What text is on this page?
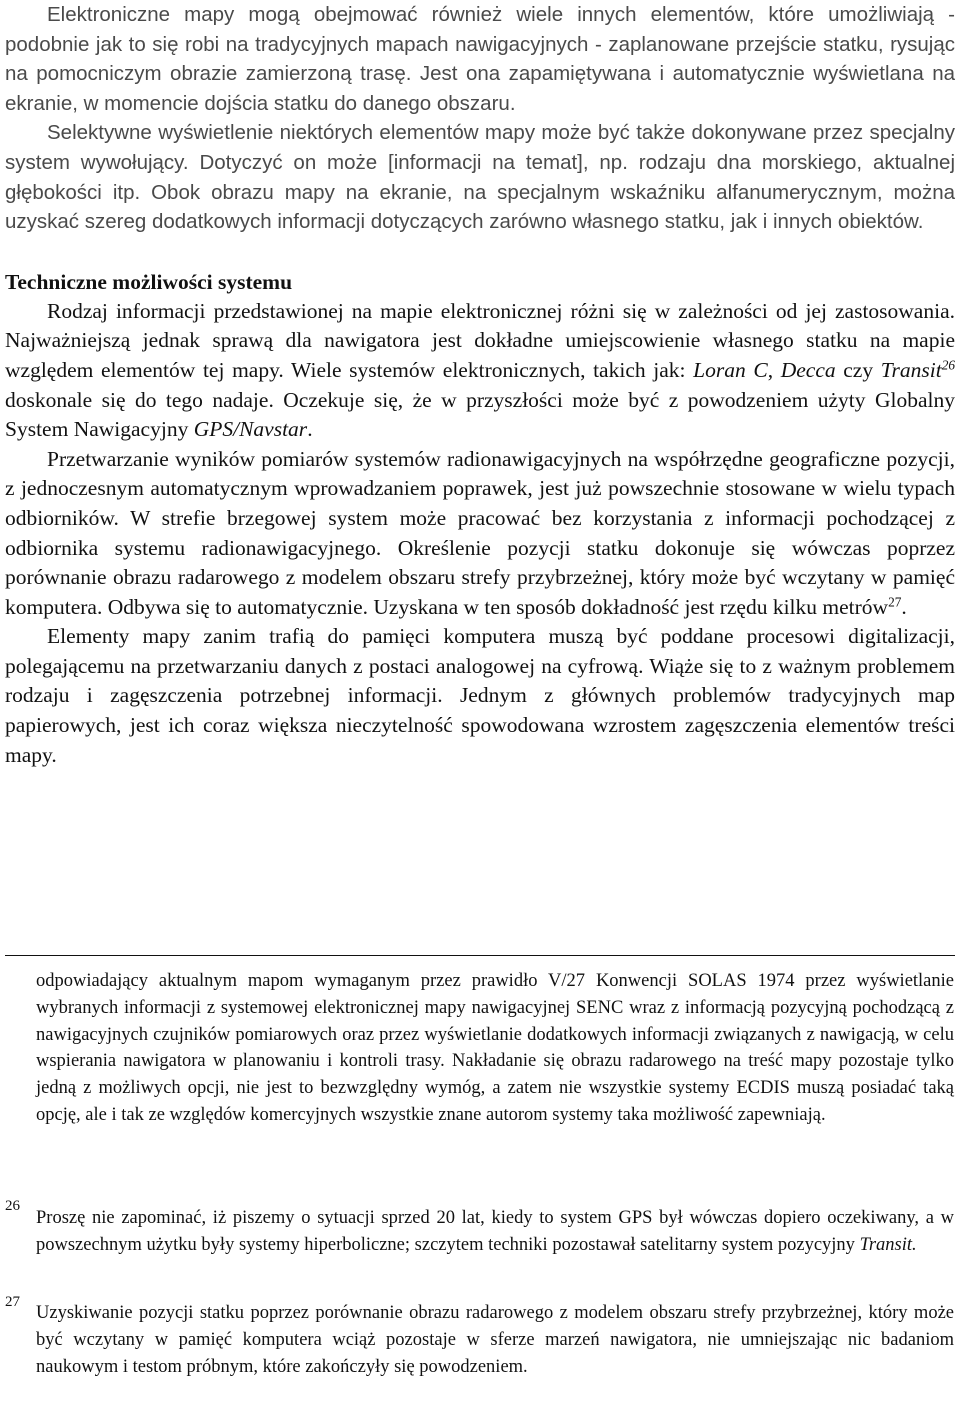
Elektroniczne mapy mogą obejmować również wiele innych elementów, które umożliwiają - podobnie jak to się robi na tradycyjnych mapach nawigacyjnych - zaplanowane przejście statku, rysując na pomocniczym obrazie zamierzoną trasę. Jest ona zapamiętywana i automatycznie wyświetlana na ekranie, w momencie dojścia statku do danego obszaru.

Selektywne wyświetlenie niektórych elementów mapy może być także dokonywane przez specjalny system wywołujący. Dotyczyć on może [informacji na temat], np. rodzaju dna morskiego, aktualnej głębokości itp. Obok obrazu mapy na ekranie, na specjalnym wskaźniku alfanumerycznym, można uzyskać szereg dodatkowych informacji dotyczących zarówno własnego statku, jak i innych obiektów.

Techniczne możliwości systemu

Rodzaj informacji przedstawionej na mapie elektronicznej różni się w zależności od jej zastosowania. Najważniejszą jednak sprawą dla nawigatora jest dokładne umiejscowienie własnego statku na mapie względem elementów tej mapy. Wiele systemów elektronicznych, takich jak: Loran C, Decca czy Transit$^{26}$ doskonale się do tego nadaje. Oczekuje się, że w przyszłości może być z powodzeniem użyty Globalny System Nawigacyjny GPS/Navstar.

Przetwarzanie wyników pomiarów systemów radionawigacyjnych na współrzędne geograficzne pozycji, z jednoczesnym automatycznym wprowadzaniem poprawek, jest już powszechnie stosowane w wielu typach odbiorników. W strefie brzegowej system może pracować bez korzystania z informacji pochodzącej z odbiornika systemu radionawigacyjnego. Określenie pozycji statku dokonuje się wówczas poprzez porównanie obrazu radarowego z modelem obszaru strefy przybrzeżnej, który może być wczytany w pamięć komputera. Odbywa się to automatycznie. Uzyskana w ten sposób dokładność jest rzędu kilku metrów$^{27}$.

Elementy mapy zanim trafią do pamięci komputera muszą być poddane procesowi digitalizacji, polegającemu na przetwarzaniu danych z postaci analogowej na cyfrową. Wiąże się to z ważnym problemem rodzaju i zagęszczenia potrzebnej informacji. Jednym z głównych problemów tradycyjnych map papierowych, jest ich coraz większa nieczytelność spowodowana wzrostem zagęszczenia elementów treści mapy.

odpowiadający aktualnym mapom wymaganym przez prawidło V/27 Konwencji SOLAS 1974 przez wyświetlanie wybranych informacji z systemowej elektronicznej mapy nawigacyjnej SENC wraz z informacją pozycyjną pochodzącą z nawigacyjnych czujników pomiarowych oraz przez wyświetlanie dodatkowych informacji związanych z nawigacją, w celu wspierania nawigatora w planowaniu i kontroli trasy. Nakładanie się obrazu radarowego na treść mapy pozostaje tylko jedną z możliwych opcji, nie jest to bezwzględny wymóg, a zatem nie wszystkie systemy ECDIS muszą posiadać taką opcję, ale i tak ze względów komercyjnych wszystkie znane autorom systemy taka możliwość zapewniają.

26

Proszę nie zapominać, iż piszemy o sytuacji sprzed 20 lat, kiedy to system GPS był wówczas dopiero oczekiwany, a w powszechnym użytku były systemy hiperboliczne; szczytem techniki pozostawał satelitarny system pozycyjny Transit.

27

Uzyskiwanie pozycji statku poprzez porównanie obrazu radarowego z modelem obszaru strefy przybrzeżnej, który może być wczytany w pamięć komputera wciąż pozostaje w sferze marzeń nawigatora, nie umniejszając nic badaniom naukowym i testom próbnym, które zakończyły się powodzeniem.
